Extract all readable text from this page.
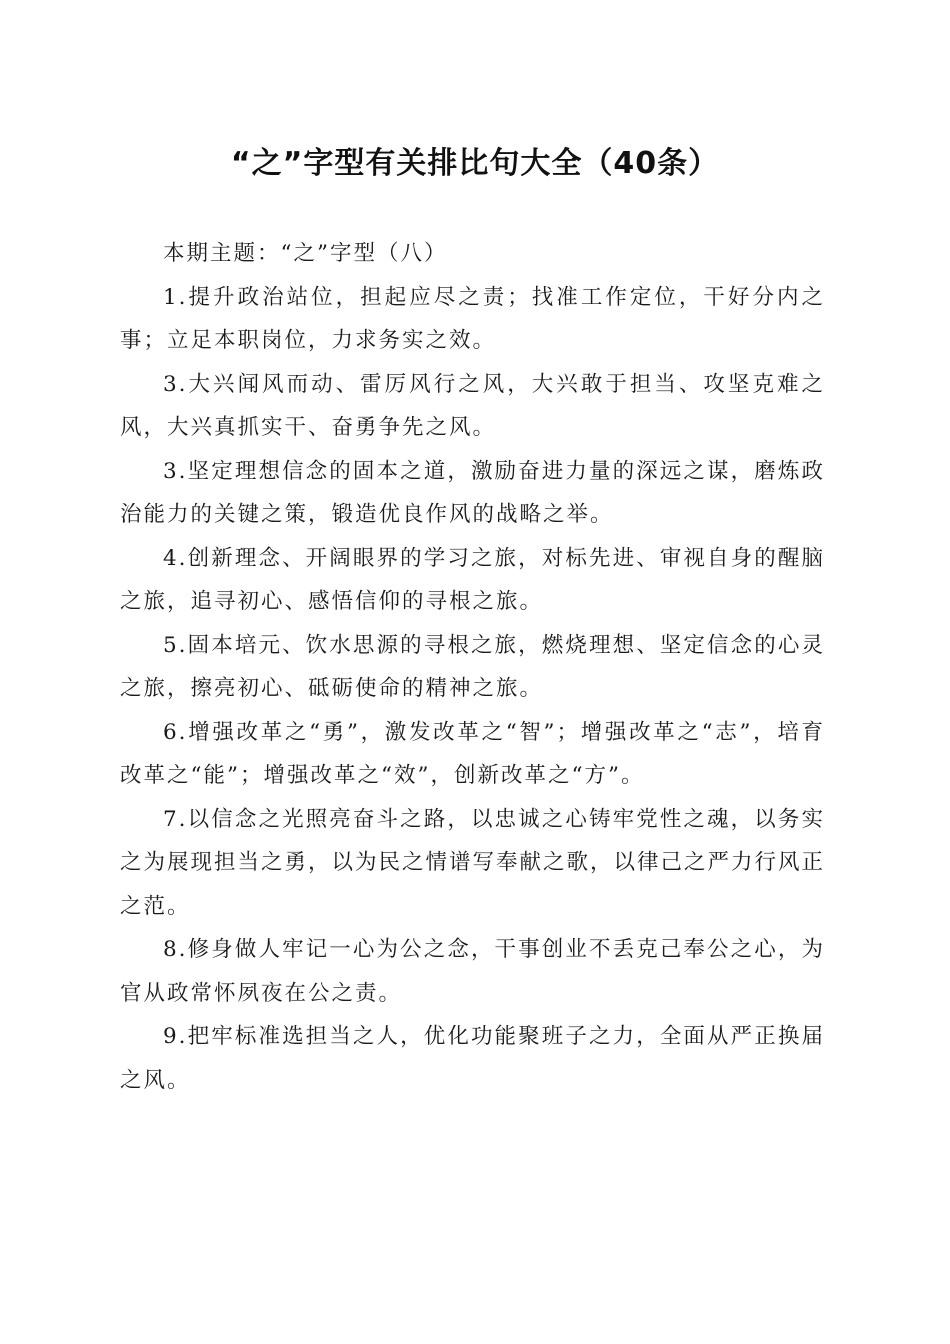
“之”字型有关排比句大全（40条）

本期主题：“之”字型（八）

1.提升政治站位，担起应尽之责；找准工作定位，干好分内之事；立足本职岗位，力求务实之效。

3.大兴闻风而动、雷厉风行之风，大兴敢于担当、攻坚克难之风，大兴真抓实干、奋勇争先之风。

3.坚定理想信念的固本之道，激励奋进力量的深远之谋，磨炼政治能力的关键之策，锻造优良作风的战略之举。

4.创新理念、开阔眼界的学习之旅，对标先进、审视自身的醒脑之旅，追寻初心、感悟信仰的寻根之旅。

5.固本培元、饮水思源的寻根之旅，燃烧理想、坚定信念的心灵之旅，擦亮初心、砥砺使命的精神之旅。

6.增强改革之“勇”，激发改革之“智”；增强改革之“志”，培育改革之“能”；增强改革之“效”，创新改革之“方”。

7.以信念之光照亮奋斗之路，以忠诚之心铸牢党性之魂，以务实之为展现担当之勇，以为民之情谱写奉献之歌，以律己之严力行风正之范。

8.修身做人牢记一心为公之念，干事创业不丢克己奉公之心，为官从政常怀夙夜在公之责。

9.把牢标准选担当之人，优化功能聚班子之力，全面从严正换届之风。
